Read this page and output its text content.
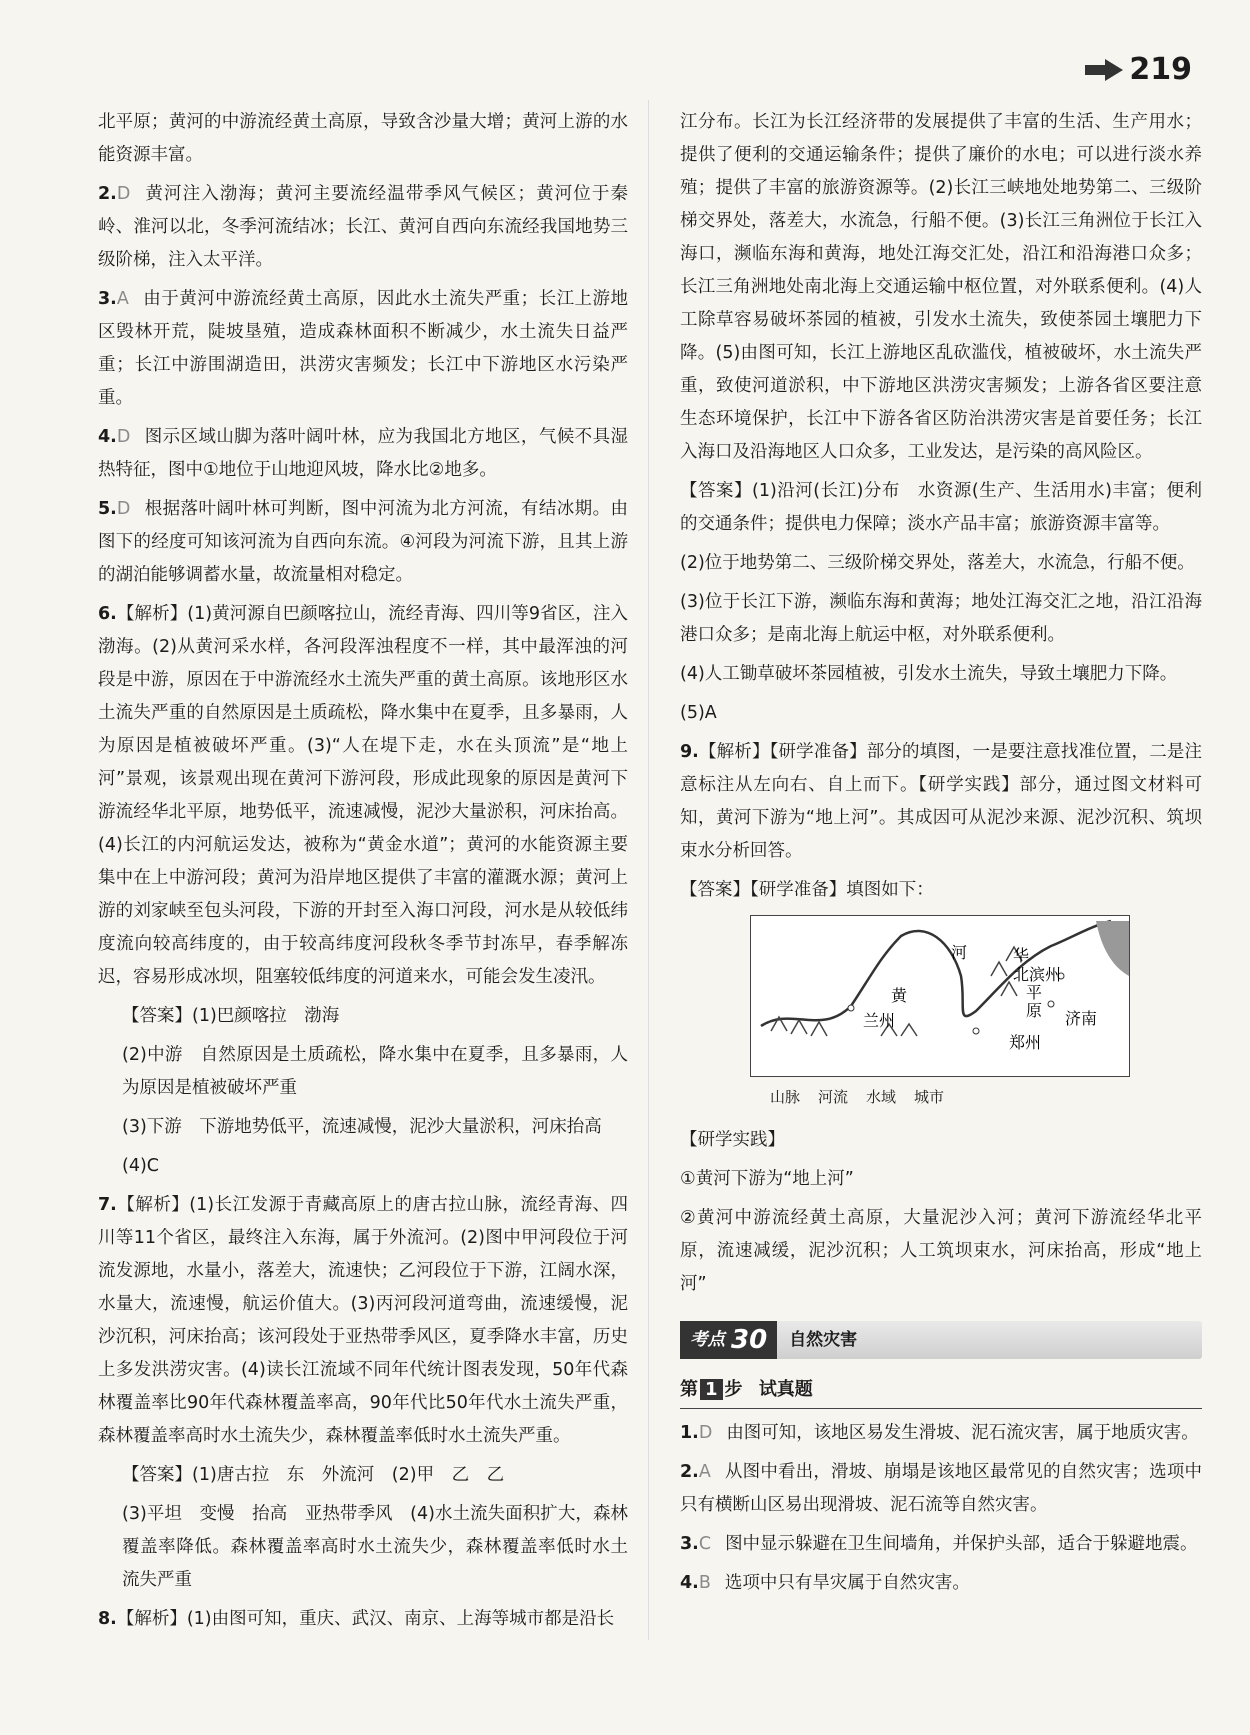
219

北平原；黄河的中游流经黄土高原，导致含沙量大增；黄河上游的水能资源丰富。

2.D 黄河注入渤海；黄河主要流经温带季风气候区；黄河位于秦岭、淮河以北，冬季河流结冰；长江、黄河自西向东流经我国地势三级阶梯，注入太平洋。

3.A 由于黄河中游流经黄土高原，因此水土流失严重；长江上游地区毁林开荒，陡坡垦殖，造成森林面积不断减少，水土流失日益严重；长江中游围湖造田，洪涝灾害频发；长江中下游地区水污染严重。

4.D 图示区域山脚为落叶阔叶林，应为我国北方地区，气候不具湿热特征，图中①地位于山地迎风坡，降水比②地多。

5.D 根据落叶阔叶林可判断，图中河流为北方河流，有结冰期。由图下的经度可知该河流为自西向东流。④河段为河流下游，且其上游的湖泊能够调蓄水量，故流量相对稳定。

6.【解析】(1)黄河源自巴颜喀拉山，流经青海、四川等9省区，注入渤海。(2)从黄河采水样，各河段浑浊程度不一样，其中最浑浊的河段是中游，原因在于中游流经水土流失严重的黄土高原。该地形区水土流失严重的自然原因是土质疏松，降水集中在夏季，且多暴雨，人为原因是植被破坏严重。(3)“人在堤下走，水在头顶流”是“地上河”景观，该景观出现在黄河下游河段，形成此现象的原因是黄河下游流经华北平原，地势低平，流速减慢，泥沙大量淤积，河床抬高。(4)长江的内河航运发达，被称为“黄金水道”；黄河的水能资源主要集中在上中游河段；黄河为沿岸地区提供了丰富的灌溉水源；黄河上游的刘家峡至包头河段，下游的开封至入海口河段，河水是从较低纬度流向较高纬度的，由于较高纬度河段秋冬季节封冻早，春季解冻迟，容易形成冰坝，阻塞较低纬度的河道来水，可能会发生凌汛。

【答案】(1)巴颜喀拉　渤海

(2)中游　自然原因是土质疏松，降水集中在夏季，且多暴雨，人为原因是植被破坏严重

(3)下游　下游地势低平，流速减慢，泥沙大量淤积，河床抬高

(4)C

7.【解析】(1)长江发源于青藏高原上的唐古拉山脉，流经青海、四川等11个省区，最终注入东海，属于外流河。(2)图中甲河段位于河流发源地，水量小，落差大，流速快；乙河段位于下游，江阔水深，水量大，流速慢，航运价值大。(3)丙河段河道弯曲，流速缓慢，泥沙沉积，河床抬高；该河段处于亚热带季风区，夏季降水丰富，历史上多发洪涝灾害。(4)读长江流域不同年代统计图表发现，50年代森林覆盖率比90年代森林覆盖率高，90年代比50年代水土流失严重，森林覆盖率高时水土流失少，森林覆盖率低时水土流失严重。

【答案】(1)唐古拉　东　外流河　(2)甲　乙　乙

(3)平坦　变慢　抬高　亚热带季风　(4)水土流失面积扩大，森林覆盖率降低。森林覆盖率高时水土流失少，森林覆盖率低时水土流失严重

8.【解析】(1)由图可知，重庆、武汉、南京、上海等城市都是沿长

江分布。长江为长江经济带的发展提供了丰富的生活、生产用水；提供了便利的交通运输条件；提供了廉价的水电；可以进行淡水养殖；提供了丰富的旅游资源等。(2)长江三峡地处地势第二、三级阶梯交界处，落差大，水流急，行船不便。(3)长江三角洲位于长江入海口，濒临东海和黄海，地处江海交汇处，沿江和沿海港口众多；长江三角洲地处南北海上交通运输中枢位置，对外联系便利。(4)人工除草容易破坏茶园的植被，引发水土流失，致使茶园土壤肥力下降。(5)由图可知，长江上游地区乱砍滥伐，植被破坏，水土流失严重，致使河道淤积，中下游地区洪涝灾害频发；上游各省区要注意生态环境保护，长江中下游各省区防治洪涝灾害是首要任务；长江入海口及沿海地区人口众多，工业发达，是污染的高风险区。

【答案】(1)沿河(长江)分布　水资源(生产、生活用水)丰富；便利的交通条件；提供电力保障；淡水产品丰富；旅游资源丰富等。

(2)位于地势第二、三级阶梯交界处，落差大，水流急，行船不便。

(3)位于长江下游，濒临东海和黄海；地处江海交汇之地，沿江沿海港口众多；是南北海上航运中枢，对外联系便利。

(4)人工锄草破坏茶园植被，引发水土流失，导致土壤肥力下降。

(5)A

9.【解析】【研学准备】部分的填图，一是要注意找准位置，二是注意标注从左向右、自上而下。【研学实践】部分，通过图文材料可知，黄河下游为“地上河”。其成因可从泥沙来源、泥沙沉积、筑坝束水分析回答。

【答案】【研学准备】填图如下：

河	华
北滨州
黄
兰州
平
原 济南
郑州
山脉 河流 水域 城市

【研学实践】

①黄河下游为“地上河”

②黄河中游流经黄土高原，大量泥沙入河；黄河下游流经华北平原，流速减缓，泥沙沉积；人工筑坝束水，河床抬高，形成“地上河”

考点 30 自然灾害
第 1 步 试真题

1.D 由图可知，该地区易发生滑坡、泥石流灾害，属于地质灾害。

2.A 从图中看出，滑坡、崩塌是该地区最常见的自然灾害；选项中只有横断山区易出现滑坡、泥石流等自然灾害。

3.C 图中显示躲避在卫生间墙角，并保护头部，适合于躲避地震。

4.B 选项中只有旱灾属于自然灾害。
